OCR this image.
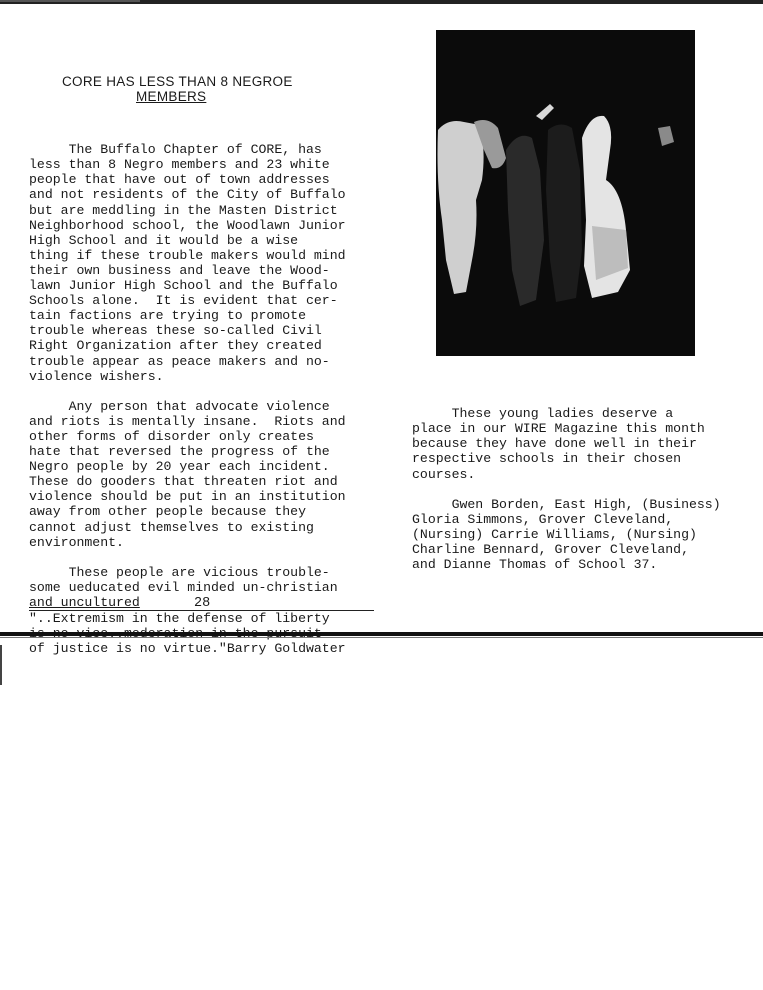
CORE HAS LESS THAN 8 NEGROE
MEMBERS

The Buffalo Chapter of CORE, has
less than 8 Negro members and 23 white
people that have out of town addresses
and not residents of the City of Buffalo
but are meddling in the Masten District
Neighborhood school, the Woodlawn Junior
High School and it would be a wise
thing if these trouble makers would mind
their own business and leave the Wood-
lawn Junior High School and the Buffalo
Schools alone.  It is evident that cer-
tain factions are trying to promote
trouble whereas these so-called Civil
Right Organization after they created
trouble appear as peace makers and no-
violence wishers.

Any person that advocate violence
and riots is mentally insane.  Riots and
other forms of disorder only creates
hate that reversed the progress of the
Negro people by 20 year each incident.
These do gooders that threaten riot and
violence should be put in an institution
away from other people because they
cannot adjust themselves to existing
environment.

These people are vicious trouble-
some ueducated evil minded un-christian
and uncultured

"..Extremism in the defense of liberty

of justice is no virtue."Barry Goldwater

28

These young ladies deserve a
place in our WIRE Magazine this month
because they have done well in their
respective schools in their chosen
courses.

Gwen Borden, East High, (Business)
Gloria Simmons, Grover Cleveland,
(Nursing) Carrie Williams, (Nursing)
Charline Bennard, Grover Cleveland,
and Dianne Thomas of School 37.
